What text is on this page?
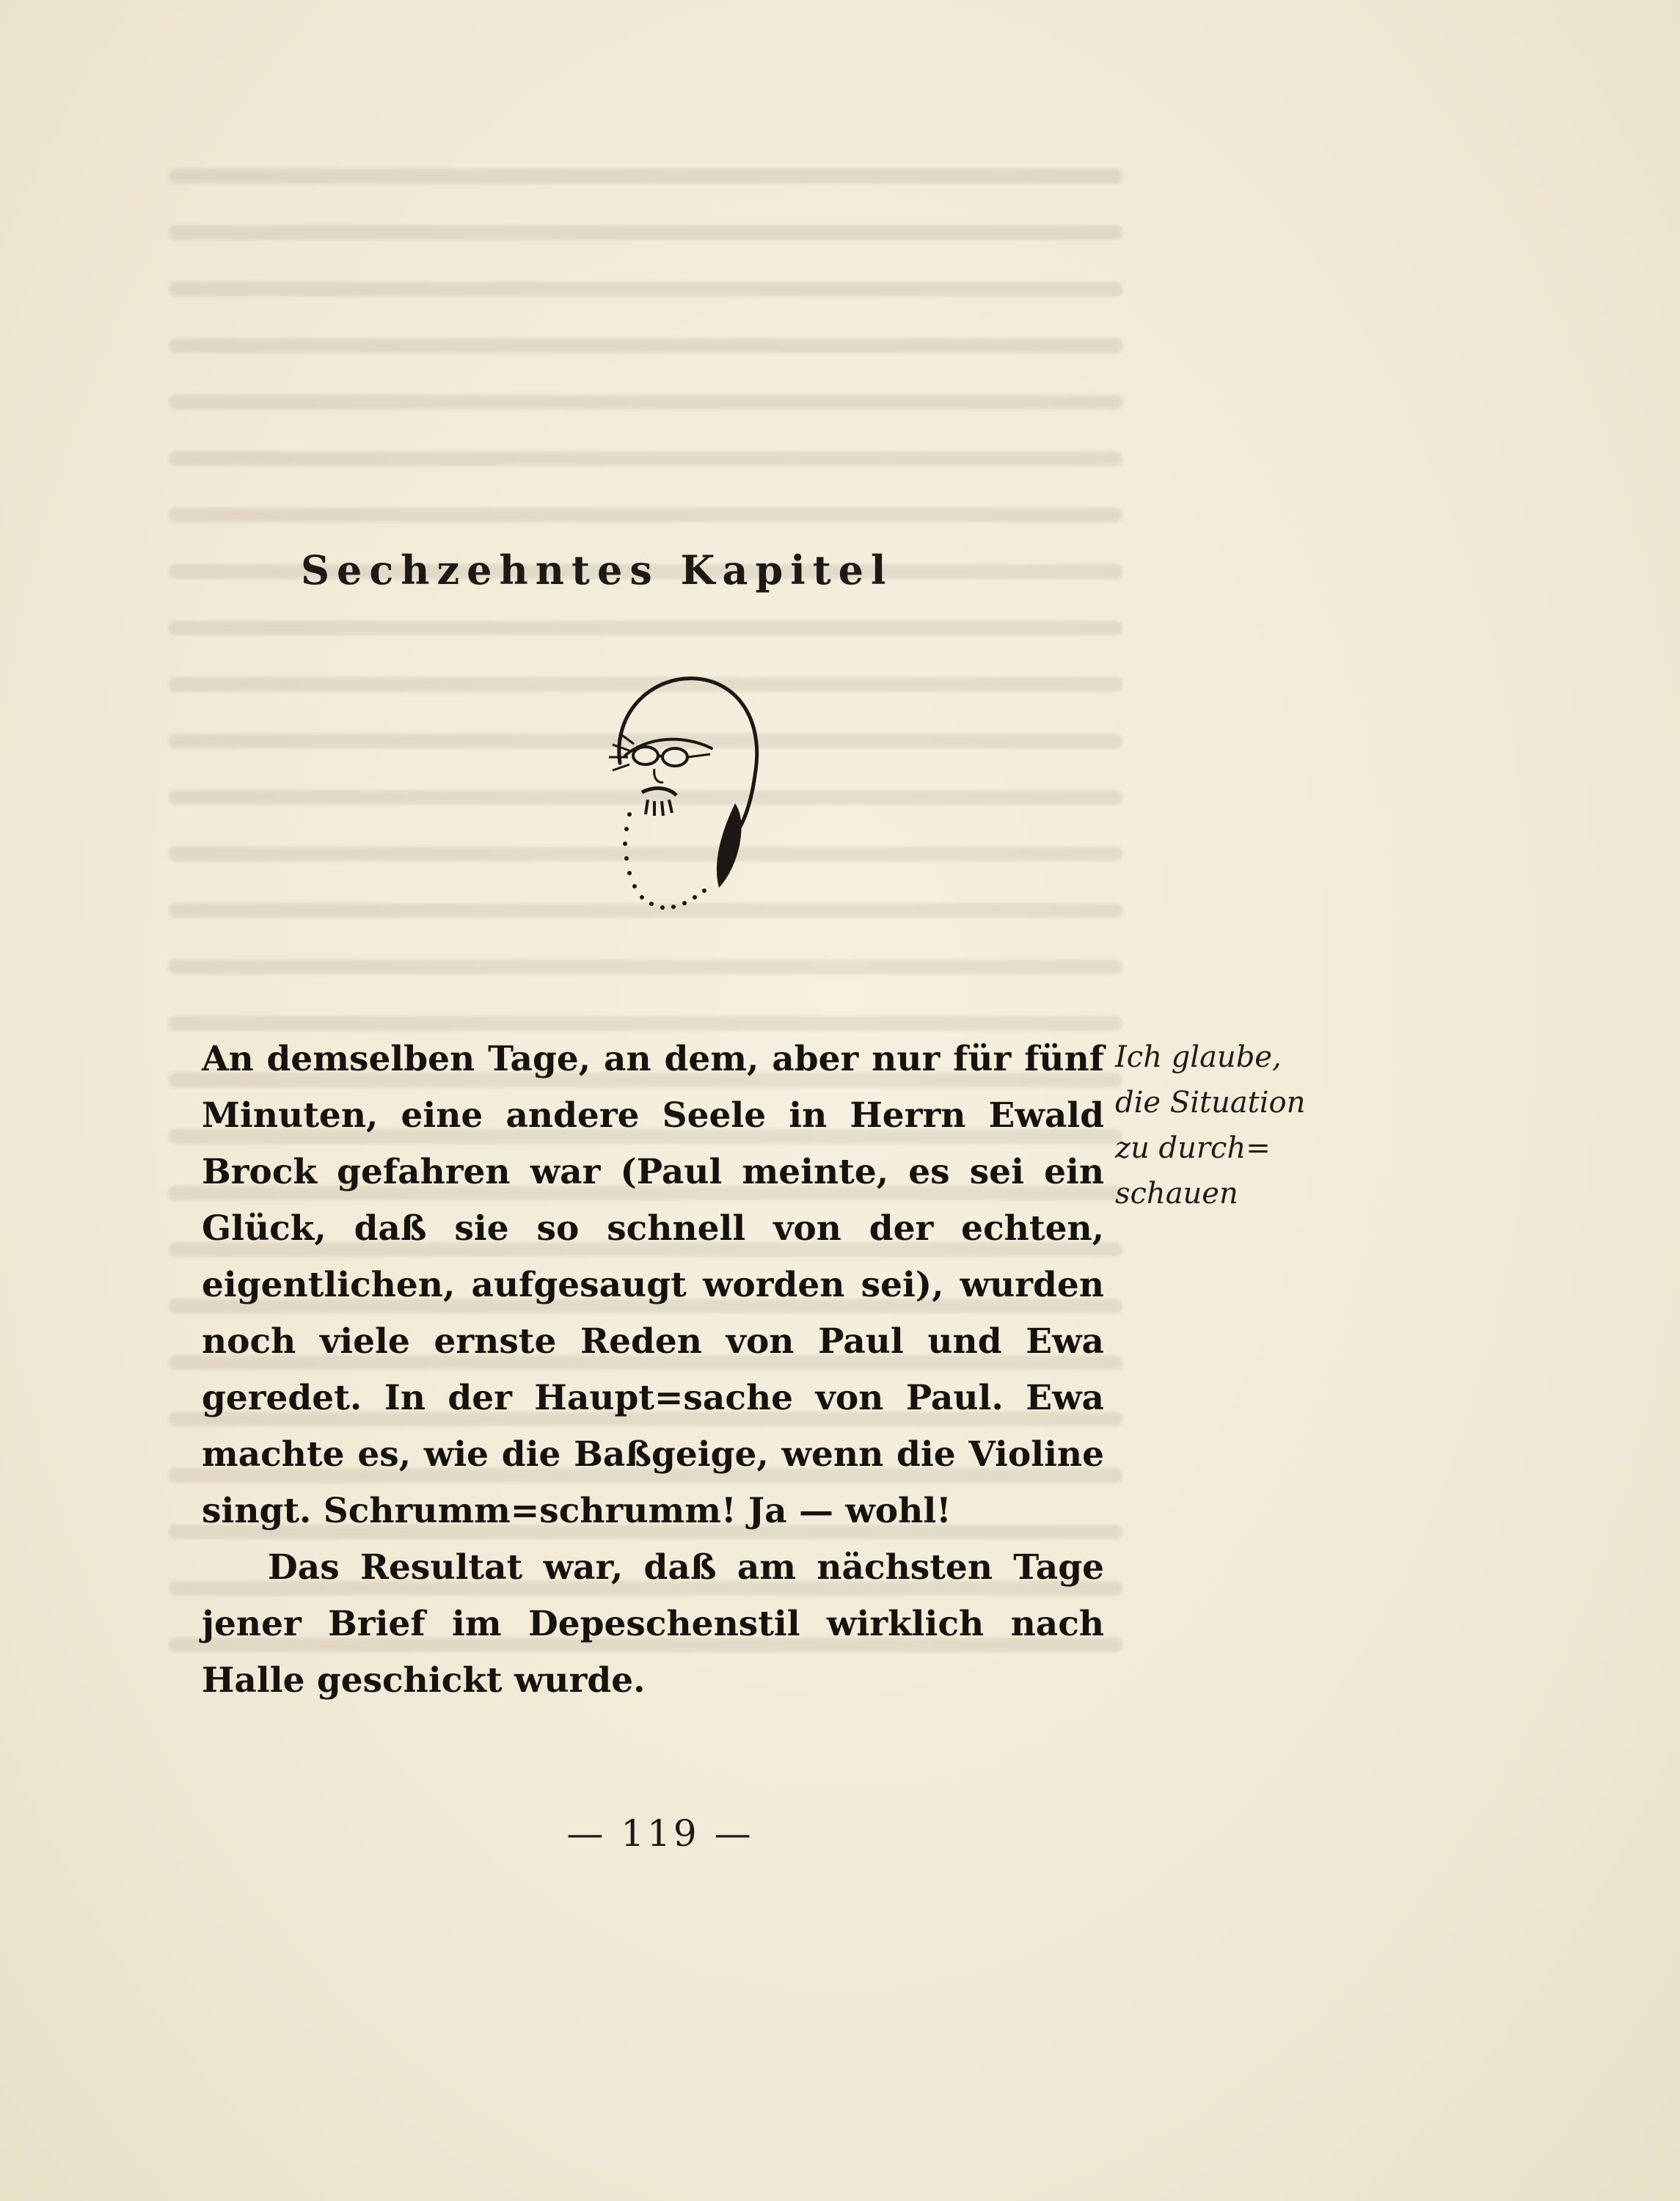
Sechzehntes Kapitel

An demselben Tage, an dem, aber nur für fünf Minuten, eine andere Seele in Herrn Ewald Brock gefahren war (Paul meinte, es sei ein Glück, daß sie so schnell von der echten, eigentlichen, aufgesaugt worden sei), wurden noch viele ernste Reden von Paul und Ewa geredet. In der Haupt=sache von Paul. Ewa machte es, wie die Baßgeige, wenn die Violine singt. Schrumm=schrumm! Ja — wohl!

Das Resultat war, daß am nächsten Tage jener Brief im Depeschenstil wirklich nach Halle geschickt wurde.

Ich glaube,
die Situation
zu durch=
schauen
— 119 —
